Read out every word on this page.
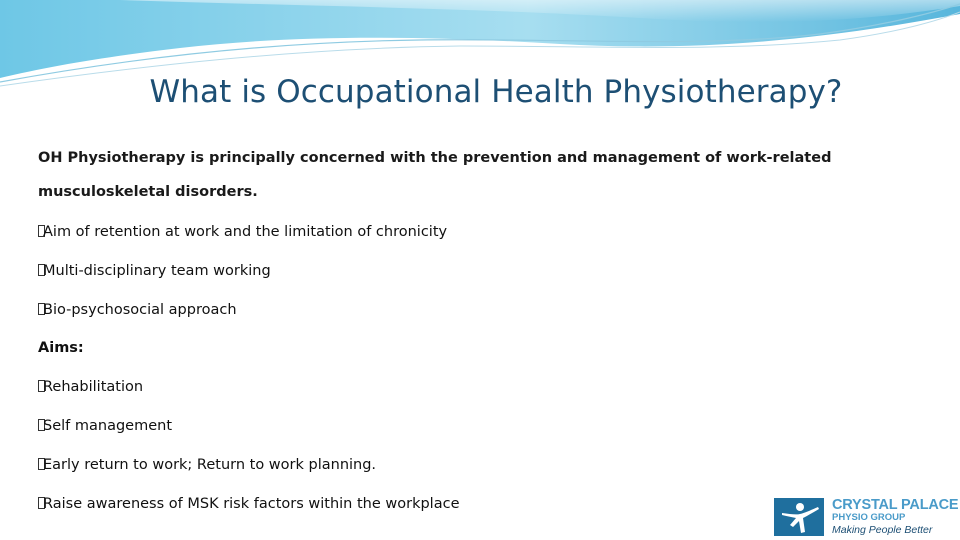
What is Occupational Health Physiotherapy?
OH Physiotherapy is principally concerned with the prevention and management of work-related
musculoskeletal disorders.
Aim of retention at work and the limitation of chronicity
Multi-disciplinary team working
Bio-psychosocial approach
Aims:
Rehabilitation
Self management
Early return to work; Return to work planning.
Raise awareness of MSK risk factors within the workplace	CRYSTAL PALACE
PHYSIO GROUP
Making People Better
